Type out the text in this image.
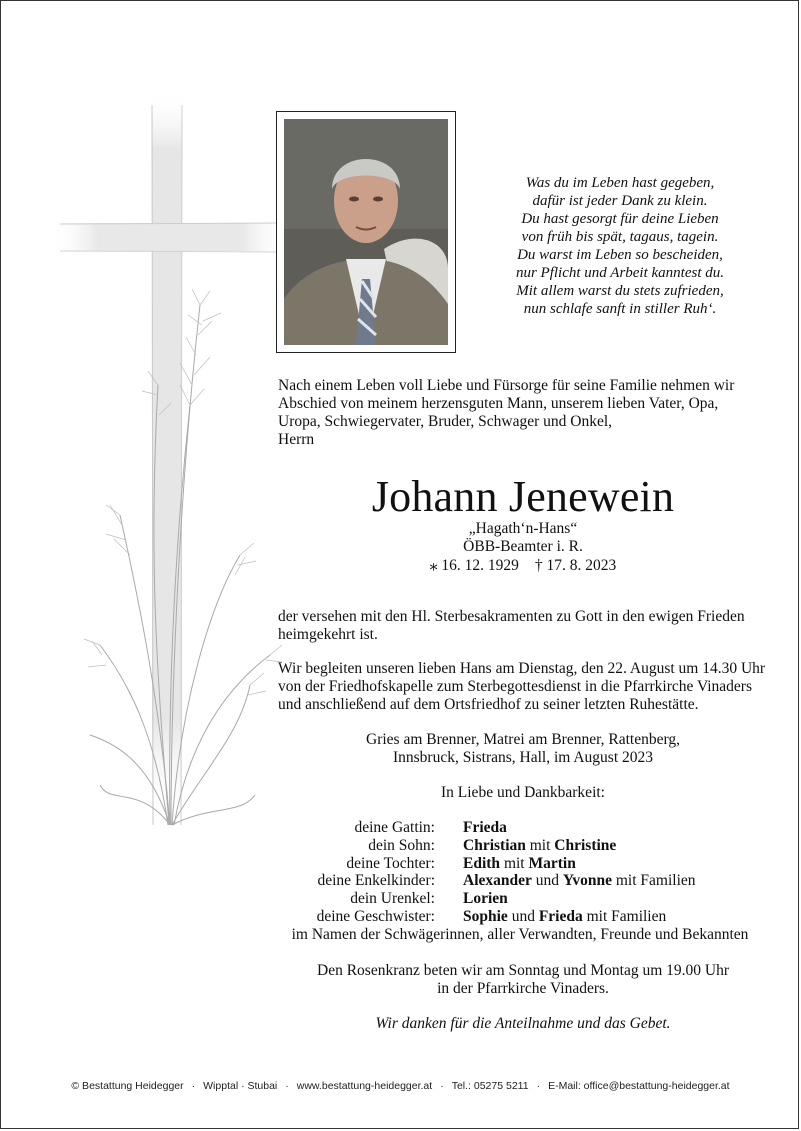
Was du im Leben hast gegeben,
dafür ist jeder Dank zu klein.
Du hast gesorgt für deine Lieben
von früh bis spät, tagaus, tagein.
Du warst im Leben so bescheiden,
nur Pflicht und Arbeit kanntest du.
Mit allem warst du stets zufrieden,
nun schlafe sanft in stiller Ruh‘.
Nach einem Leben voll Liebe und Fürsorge für seine Familie nehmen wir
Abschied von meinem herzensguten Mann, unserem lieben Vater, Opa,
Uropa, Schwiegervater, Bruder, Schwager und Onkel,
Herrn
Johann Jenewein
„Hagath‘n-Hans“
ÖBB-Beamter i. R.
⁎ 16. 12. 1929 † 17. 8. 2023
der versehen mit den Hl. Sterbesakramenten zu Gott in den ewigen Frieden
heimgekehrt ist.
Wir begleiten unseren lieben Hans am Dienstag, den 22. August um 14.30 Uhr
von der Friedhofskapelle zum Sterbegottesdienst in die Pfarrkirche Vinaders
und anschließend auf dem Ortsfriedhof zu seiner letzten Ruhestätte.
Gries am Brenner, Matrei am Brenner, Rattenberg,
Innsbruck, Sistrans, Hall, im August 2023
In Liebe und Dankbarkeit:
deine Gattin:	Frieda
dein Sohn:	Christian mit Christine
deine Tochter:	Edith mit Martin
deine Enkelkinder:	Alexander und Yvonne mit Familien
dein Urenkel:	Lorien
deine Geschwister:	Sophie und Frieda mit Familien
im Namen der Schwägerinnen, aller Verwandten, Freunde und Bekannten
Den Rosenkranz beten wir am Sonntag und Montag um 19.00 Uhr
in der Pfarrkirche Vinaders.
Wir danken für die Anteilnahme und das Gebet.
© Bestattung Heidegger · Wipptal · Stubai · www.bestattung-heidegger.at · Tel.: 05275 5211 · E-Mail: office@bestattung-heidegger.at
